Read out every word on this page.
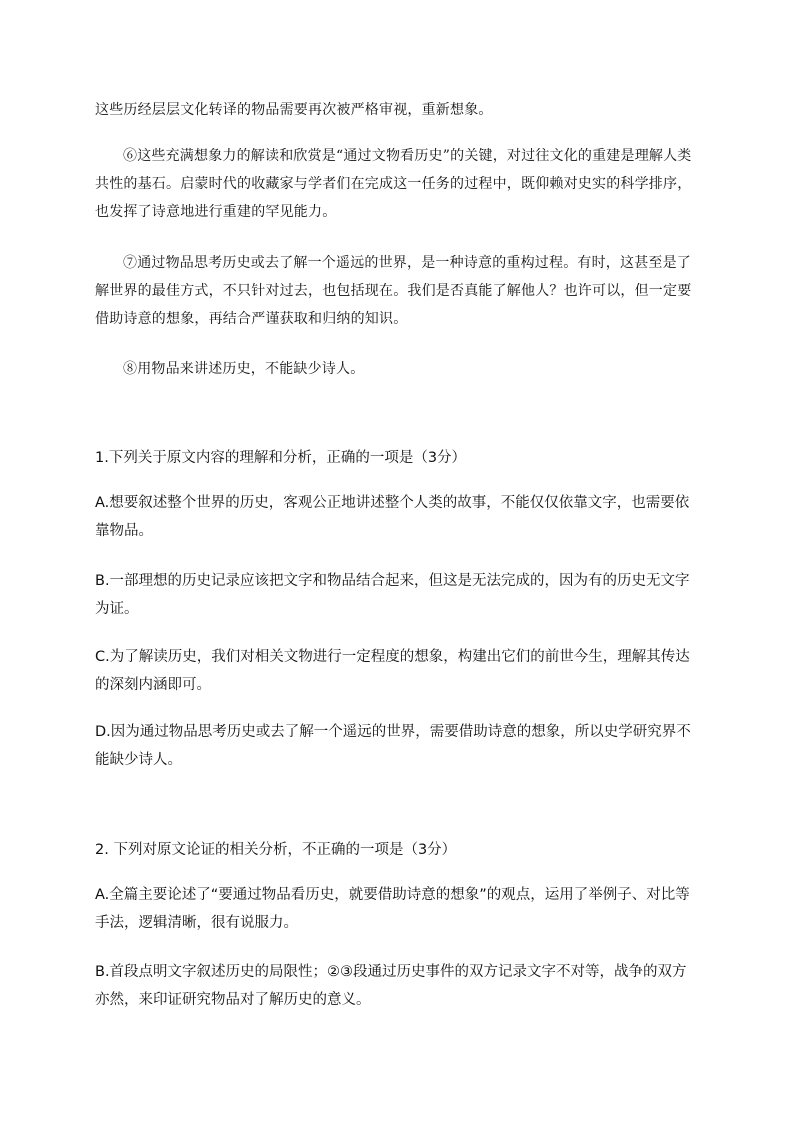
这些历经层层文化转译的物品需要再次被严格审视，重新想象。

⑥这些充满想象力的解读和欣赏是“通过文物看历史”的关键，对过往文化的重建是理解人类共性的基石。启蒙时代的收藏家与学者们在完成这一任务的过程中，既仰赖对史实的科学排序，也发挥了诗意地进行重建的罕见能力。

⑦通过物品思考历史或去了解一个遥远的世界，是一种诗意的重构过程。有时，这甚至是了解世界的最佳方式，不只针对过去，也包括现在。我们是否真能了解他人？也许可以，但一定要借助诗意的想象，再结合严谨获取和归纳的知识。

⑧用物品来讲述历史，不能缺少诗人。

1.下列关于原文内容的理解和分析，正确的一项是（3分）

A.想要叙述整个世界的历史，客观公正地讲述整个人类的故事，不能仅仅依靠文字，也需要依靠物品。

B.一部理想的历史记录应该把文字和物品结合起来，但这是无法完成的，因为有的历史无文字为证。

C.为了解读历史，我们对相关文物进行一定程度的想象，构建出它们的前世今生，理解其传达的深刻内涵即可。

D.因为通过物品思考历史或去了解一个遥远的世界，需要借助诗意的想象，所以史学研究界不能缺少诗人。

2. 下列对原文论证的相关分析，不正确的一项是（3分）

A.全篇主要论述了“要通过物品看历史，就要借助诗意的想象”的观点，运用了举例子、对比等手法，逻辑清晰，很有说服力。

B.首段点明文字叙述历史的局限性；②③段通过历史事件的双方记录文字不对等，战争的双方亦然，来印证研究物品对了解历史的意义。
